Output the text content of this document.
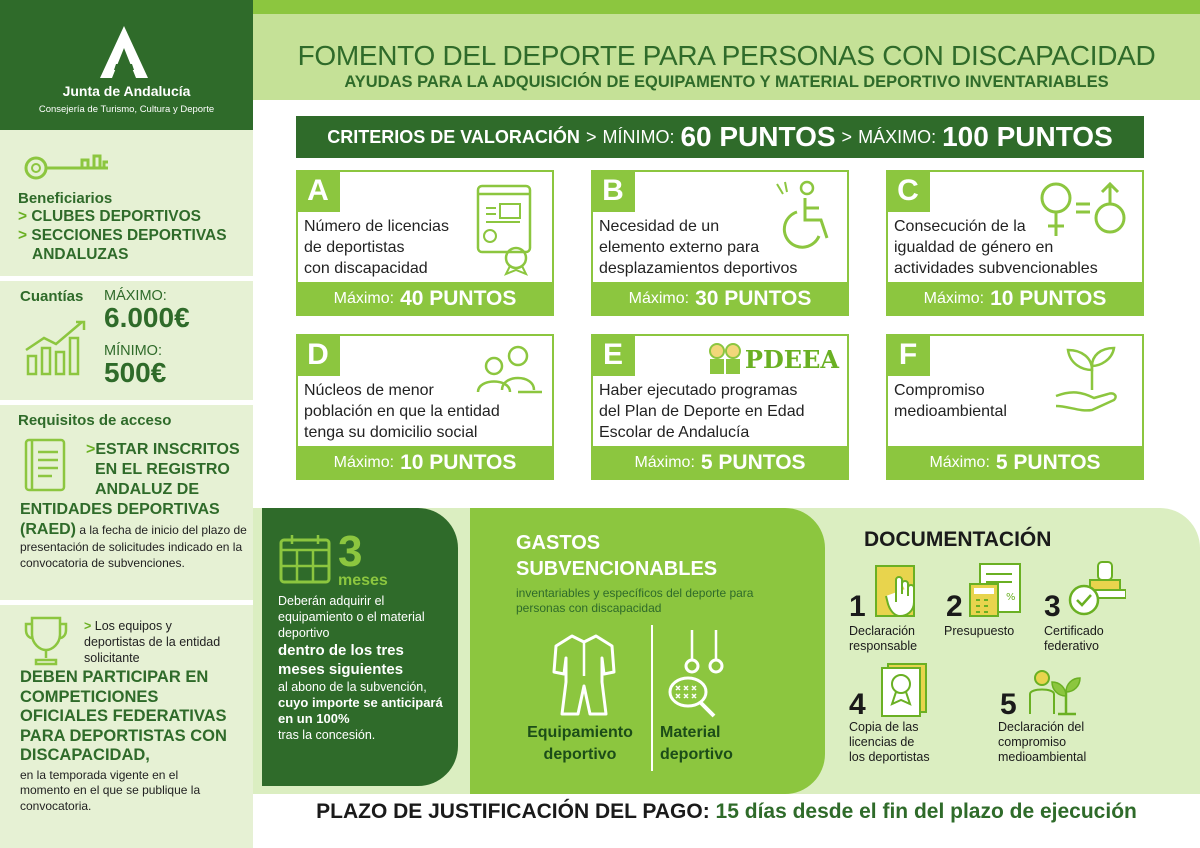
Junta de Andalucía
Consejería de Turismo, Cultura y Deporte
Beneficiarios
> CLUBES DEPORTIVOS
> SECCIONES DEPORTIVAS
ANDALUZAS
Cuantías	MÁXIMO:
6.000€
MÍNIMO:
500€
Requisitos de acceso
>ESTAR INSCRITOS
EN EL REGISTRO
ANDALUZ DE
ENTIDADES DEPORTIVAS
(RAED) a la fecha de inicio del plazo de presentación de solicitudes indicado en la convocatoria de subvenciones.
> Los equipos y deportistas de la entidad solicitante
DEBEN PARTICIPAR EN
COMPETICIONES
OFICIALES FEDERATIVAS
PARA DEPORTISTAS CON
DISCAPACIDAD,
en la temporada vigente en el momento en el que se publique la convocatoria.
FOMENTO DEL DEPORTE PARA PERSONAS CON DISCAPACIDAD
AYUDAS PARA LA ADQUISICIÓN DE EQUIPAMENTO Y MATERIAL DEPORTIVO INVENTARIABLES
CRITERIOS DE VALORACIÓN > MÍNIMO: 60 PUNTOS > MÁXIMO: 100 PUNTOS
A
Número de licencias
de deportistas
con discapacidad
Máximo: 40 PUNTOS
B
Necesidad de un
elemento externo para
desplazamientos deportivos
Máximo: 30 PUNTOS
C
Consecución de la
igualdad de género en
actividades subvencionables
Máximo: 10 PUNTOS
D
Núcleos de menor
población en que la entidad
tenga su domicilio social
Máximo: 10 PUNTOS
E	PDEEA
Haber ejecutado programas
del Plan de Deporte en Edad
Escolar de Andalucía
Máximo: 5 PUNTOS
F
Compromiso
medioambiental
Máximo: 5 PUNTOS
3
meses
Deberán adquirir el equipamiento o el material deportivo
dentro de los tres meses siguientes
al abono de la subvención,
cuyo importe se anticipará en un 100%
tras la concesión.
GASTOS
SUBVENCIONABLES
inventariables y específicos del deporte para personas con discapacidad
Equipamiento
deportivo
Material
deportivo
DOCUMENTACIÓN
1
Declaración
responsable
2	%
Presupuesto
3
Certificado
federativo
4
Copia de las
licencias de
los deportistas
5
Declaración del
compromiso
medioambiental
PLAZO DE JUSTIFICACIÓN DEL PAGO: 15 días desde el fin del plazo de ejecución
